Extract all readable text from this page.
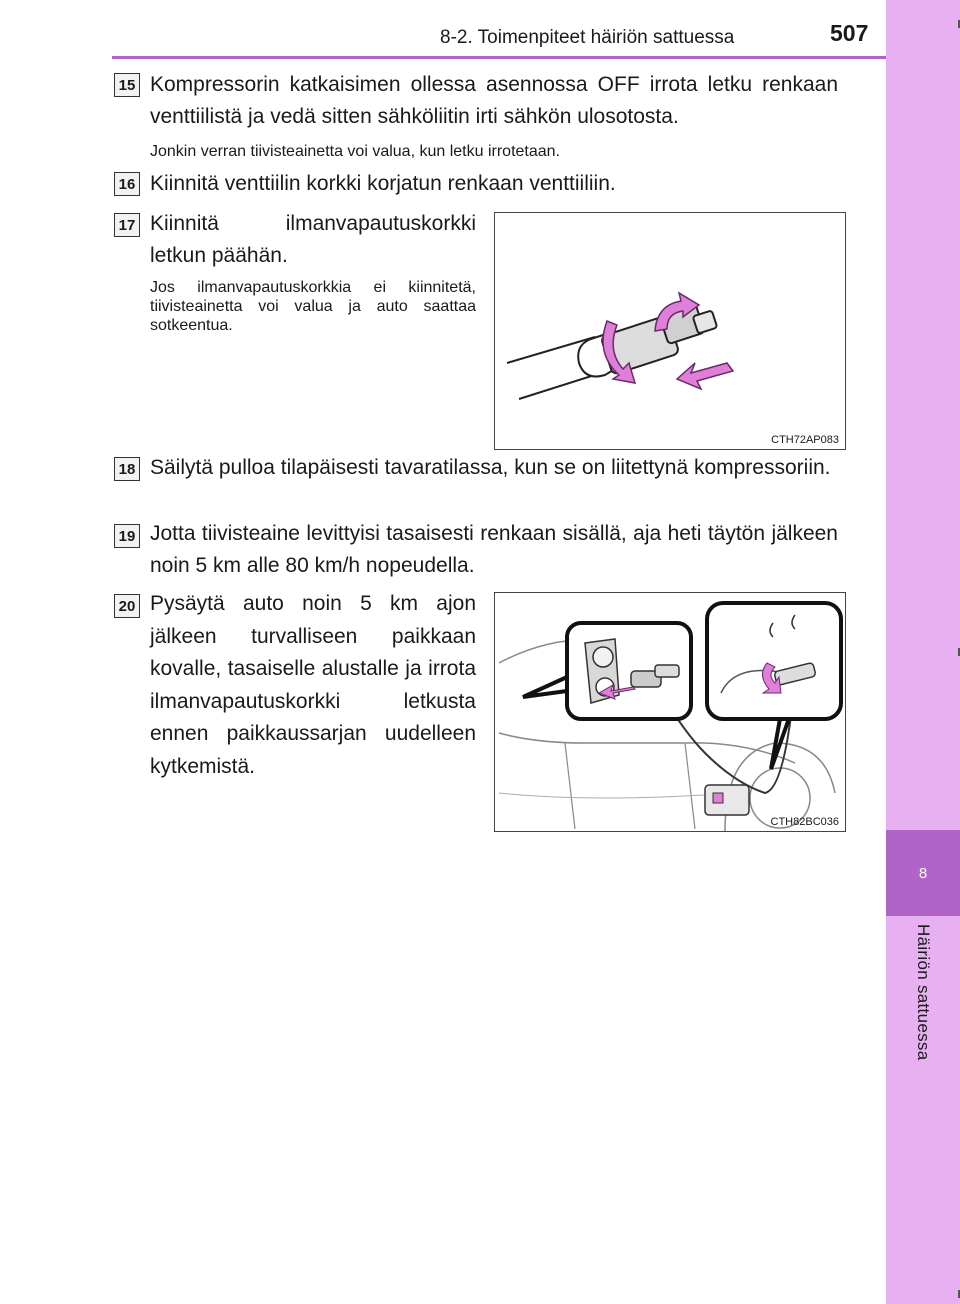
8
Häiriön sattuessa
8-2. Toimenpiteet häiriön sattuessa	507
15 Kompressorin katkaisimen ollessa asennossa OFF irrota letku renkaan venttiilistä ja vedä sitten sähköliitin irti sähkön ulosotosta.
Jonkin verran tiivisteainetta voi valua, kun letku irrotetaan.
16 Kiinnitä venttiilin korkki korjatun renkaan venttiiliin.
17 Kiinnitä ilmanvapautuskorkki letkun päähän.
Jos ilmanvapautuskorkkia ei kiinnitetä, tiivisteainetta voi valua ja auto saattaa sotkeentua.
CTH72AP083
18 Säilytä pulloa tilapäisesti tavaratilassa, kun se on liitettynä kompressoriin.
19 Jotta tiivisteaine levittyisi tasaisesti renkaan sisällä, aja heti täytön jälkeen noin 5 km alle 80 km/h nopeudella.
20 Pysäytä auto noin 5 km ajon jälkeen turvalliseen paikkaan kovalle, tasaiselle alustalle ja irrota ilmanvapautuskorkki letkusta ennen paikkaussarjan uudelleen kytkemistä.
CTH82BC036
